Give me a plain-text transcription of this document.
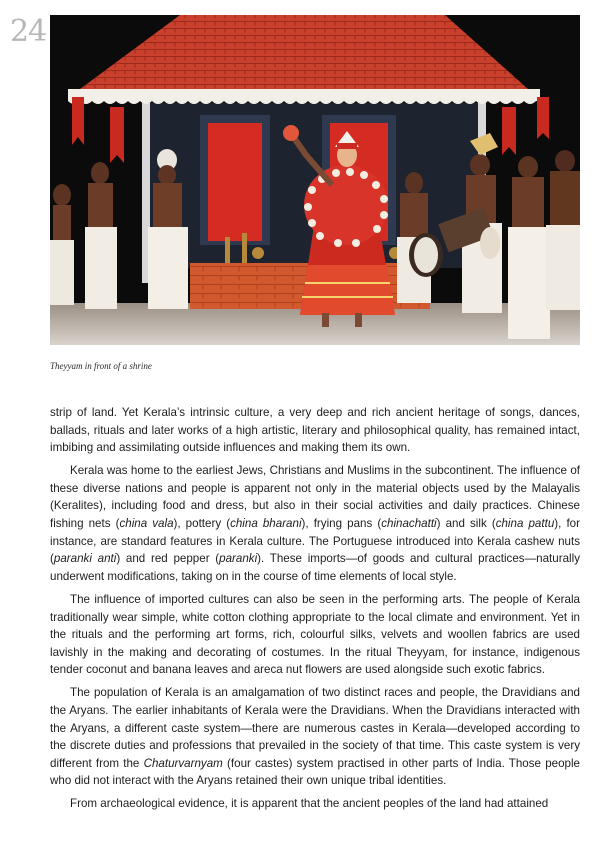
24

Theyyam in front of a shrine

strip of land. Yet Kerala’s intrinsic culture, a very deep and rich ancient heritage of songs, dances, ballads, rituals and later works of a high artistic, literary and philosophical quality, has remained intact, imbibing and assimilating outside influences and making them its own.

Kerala was home to the earliest Jews, Christians and Muslims in the subcontinent. The influence of these diverse nations and people is apparent not only in the material objects used by the Malayalis (Keralites), including food and dress, but also in their social activities and daily practices. Chinese fishing nets (china vala), pottery (china bharani), frying pans (chinachatti) and silk (china pattu), for instance, are standard features in Kerala culture. The Portuguese introduced into Kerala cashew nuts (paranki anti) and red pepper (paranki). These imports—of goods and cultural practices—naturally underwent modifications, taking on in the course of time elements of local style.

The influence of imported cultures can also be seen in the performing arts. The people of Kerala traditionally wear simple, white cotton clothing appropriate to the local climate and environment. Yet in the rituals and the performing art forms, rich, colourful silks, velvets and woollen fabrics are used lavishly in the making and decorating of costumes. In the ritual Theyyam, for instance, indigenous tender coconut and banana leaves and areca nut flowers are used alongside such exotic fabrics.

The population of Kerala is an amalgamation of two distinct races and people, the Dravidians and the Aryans. The earlier inhabitants of Kerala were the Dravidians. When the Dravidians interacted with the Aryans, a different caste system—there are numerous castes in Kerala—developed according to the discrete duties and professions that prevailed in the society of that time. This caste system is very different from the Chaturvarnyam (four castes) system practised in other parts of India. Those people who did not interact with the Aryans retained their own unique tribal identities.

From archaeological evidence, it is apparent that the ancient peoples of the land had attained
